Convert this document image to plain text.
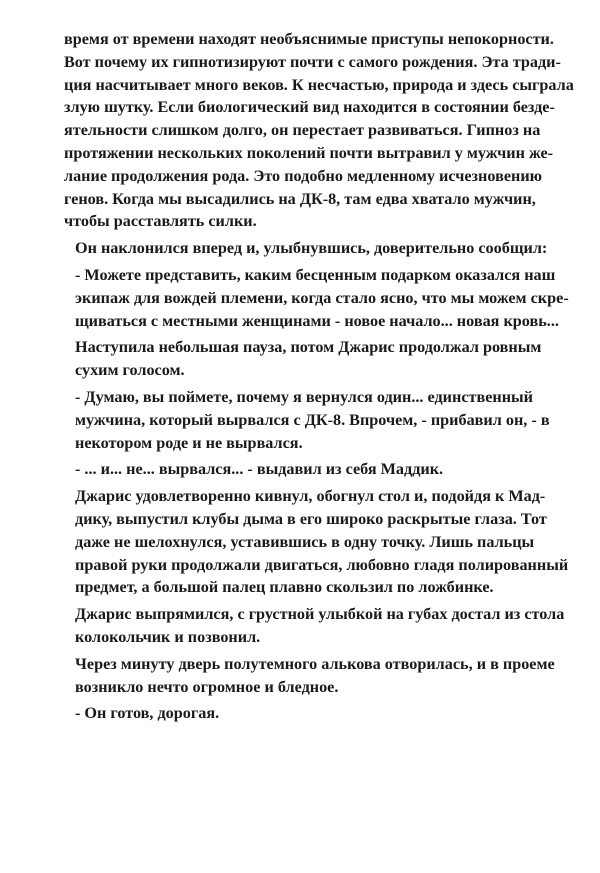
время от времени находят необъяснимые приступы непокорности.
Вот почему их гипнотизируют почти с самого рождения. Эта тради-
ция насчитывает много веков. К несчастью, природа и здесь сыграла
злую шутку. Если биологический вид находится в состоянии безде-
ятельности слишком долго, он перестает развиваться. Гипноз на
протяжении нескольких поколений почти вытравил у мужчин же-
лание продолжения рода. Это подобно медленному исчезновению
генов. Когда мы высадились на ДК-8, там едва хватало мужчин,
чтобы расставлять силки.

Он наклонился вперед и, улыбнувшись, доверительно сообщил:

- Можете представить, каким бесценным подарком оказался наш
экипаж для вождей племени, когда стало ясно, что мы можем скре-
щиваться с местными женщинами - новое начало... новая кровь...

Наступила небольшая пауза, потом Джарис продолжал ровным
сухим голосом.

- Думаю, вы поймете, почему я вернулся один... единственный
мужчина, который вырвался с ДК-8. Впрочем, - прибавил он, - в
некотором роде и не вырвался.

- ... и... не... вырвался... - выдавил из себя Маддик.

Джарис удовлетворенно кивнул, обогнул стол и, подойдя к Мад-
дику, выпустил клубы дыма в его широко раскрытые глаза. Тот
даже не шелохнулся, уставившись в одну точку. Лишь пальцы
правой руки продолжали двигаться, любовно гладя полированный
предмет, а большой палец плавно скользил по ложбинке.

Джарис выпрямился, с грустной улыбкой на губах достал из стола
колокольчик и позвонил.

Через минуту дверь полутемного алькова отворилась, и в проеме
возникло нечто огромное и бледное.

- Он готов, дорогая.
